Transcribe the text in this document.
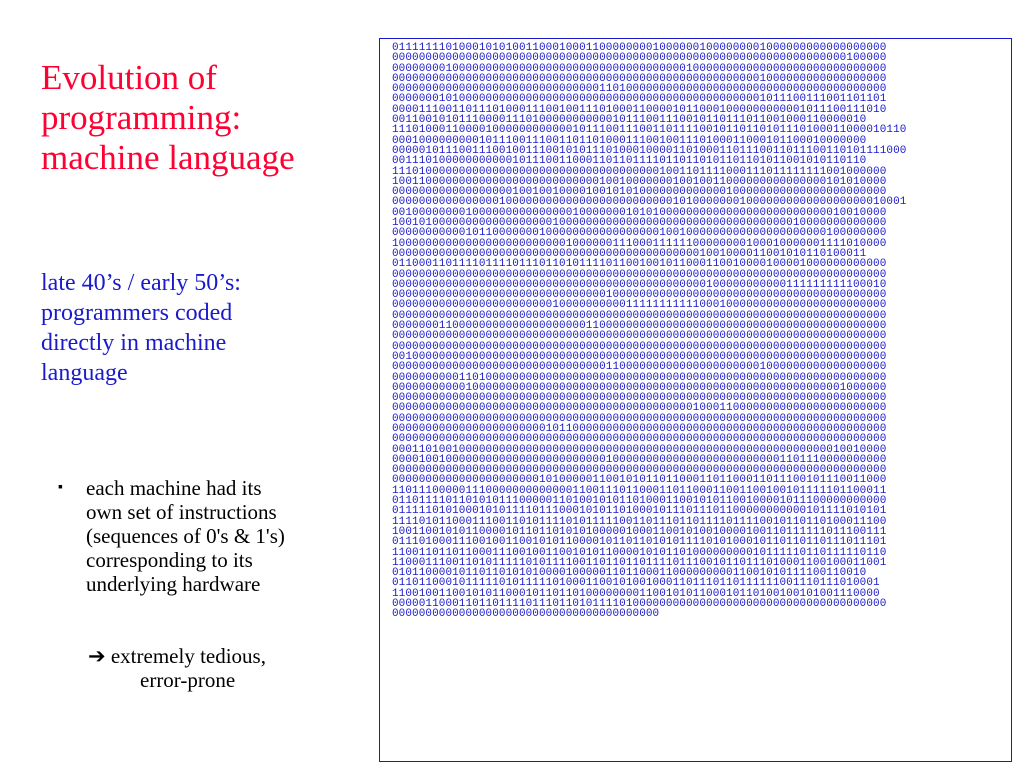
Evolution of
programming:
machine language
late 40’s / early 50’s:
programmers coded
directly in machine
language
▪ each machine had its
own set of instructions
(sequences of 0's & 1's)
corresponding to its
underlying hardware
➔ extremely tedious,
error-prone
01111111010001010100110001000110000000010000001000000001000000000000000000
00000000000000000000000000000000000000000000000000000000000000000000100000
00000000100000000000000000000000000000000000100000000000000000000000000000
00000000000000000000000000000000000000000000000000000001000000000000000000
00000000000000000000000000000001101000000000000000000000000000000000000000
00000001010000000000000000000000000000000000000000000001011100111001101101
00001110011011101000111001001110100011000010110001000000000001011100111010
00110010101110000111010000000000010111001110010110111011001000110000010
11101000110000100000000000010111001110011011110010110110101110100011000010110
00010000000001011100111001101101000111001001110100011000101100010000000
00000101110011100100111001010111010001000011010001101110011011100110101111000
00111010000000000010111001100011011011110110110101101101011001010110110
11101000000000000000000000000000000000001001101111000111011111111001000000
10011000000000000000000000000001001000000010010011000000000000000101010000
00000000000000000010010010000100101010000000000000100000000000000000000000
00000000000000001000000000000000000000000010100000001000000000000000000010001
00100000000100000000000000010000000101010000000000000000000000000010010000
10010100000000000000000010000000000000000000000000000000000010000000000000
00000000000101100000001000000000000000001001000000000000000000000100000000
10000000000000000000000000100000011100011111100000000100010000001111010000
00000000000000000000000000000000000000000000001001000011001010110100011
01100011011110111101110110101111011001001011000110010000100001000000000000
00000000000000000000000000000000000000000000000000000000000000000000000000
00000000000000000000000000000000000000000000000100000000000111111111100010
00000000000000000000000000000000100000000000000000000000000000000000000000
00000000000000000000000010000000000111111111110001000000000000000000000000
00000000000000000000000000000000000000000000000000000000000000000000000000
00000001100000000000000000000110000000000000000000000000000000000000000000
00000000000000000000000000000000000000000000000000000000000000000000000000
00000000000000000000000000000000000000000000000000000000000000000000000000
00100000000000000000000000000000000000000000000000000000000000000000000000
00000000000000000000000000000000110000000000000000000001000000000000000000
00000000001101000000000000000000000000000000000000000000000000000000000000
00000000000100000000000000000000000000000000000000000000000000000001000000
00000000000000000000000000000000000000000000000000000000000000000000000000
00000000000000000000000000000000000000000000010001100000000000000000000000
00000000000000000000000000000000000000000000000000000000000000000000000000
00000000000000000000000101100000000000000000000000000000000000000000000000
00000000000000000000000000000000000000000000000000000000000000000000000000
00011010010000000000000000000000000000000000000000000000000000000010010000
00001001000000000000000000000000100000000000000000000000001101110000000000
00000000000000000000000000000000000000000000000000000000000000000000000000
00000000000000000000001010000011001010110110001101100011011100101110011000
11011100000111000000000000011001110110001101100011001100100101111101100011
01101111011010101110000011010010101101000110010101100100001011100000000000
01111101010001010111101110001010110100010111011101100000000000101111010101
11110101100011100110101111010111110011011101101111011110010110110100011100
10011001010110000101101101010100000100011001010010000100110111111011100111
01110100011100100110010101100001011011010101111010100010110110110111011101
11001101101100011100100110010101100001010110100000000010111110110111110110
11000111001101011111010111100110110110111101110010110111010001100100011001
01011000010110110101010000100000110110001100000000011001010111100110010
0110110001011111010111110100011001010010001101110110111111001110111010001
1100100110010101100010110110100000000110010101100010110100100101001110000
00000110001101101111011101101011110100000000000000000000000000000000000000
0000000000000000000000000000000000000000
